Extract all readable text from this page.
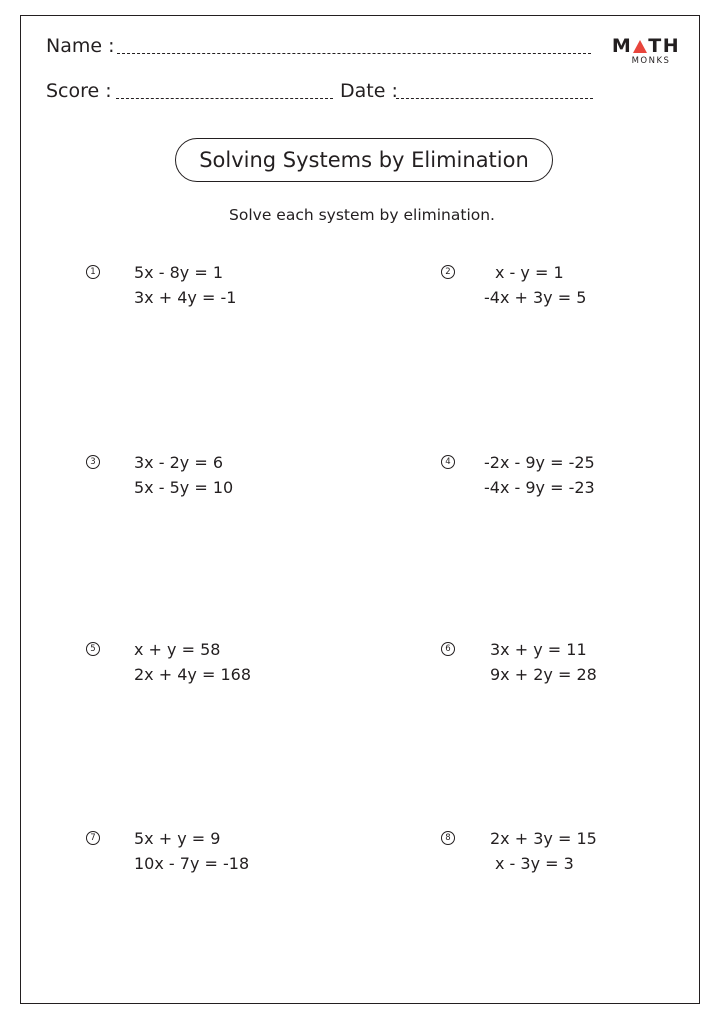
Name :
Score :	Date :
M TH
MONKS
Solving Systems by Elimination
Solve each system by elimination.
1 5x - 8y = 1
3x + 4y = -1
2	x - y = 1
-4x + 3y = 5
3 3x - 2y = 6
5x - 5y = 10
4 -2x - 9y = -25
-4x - 9y = -23
5 x + y = 58
2x + 4y = 168
6 3x + y = 11
9x + 2y = 28
7 5x + y = 9
10x - 7y = -18
8 2x + 3y = 15
x - 3y = 3
